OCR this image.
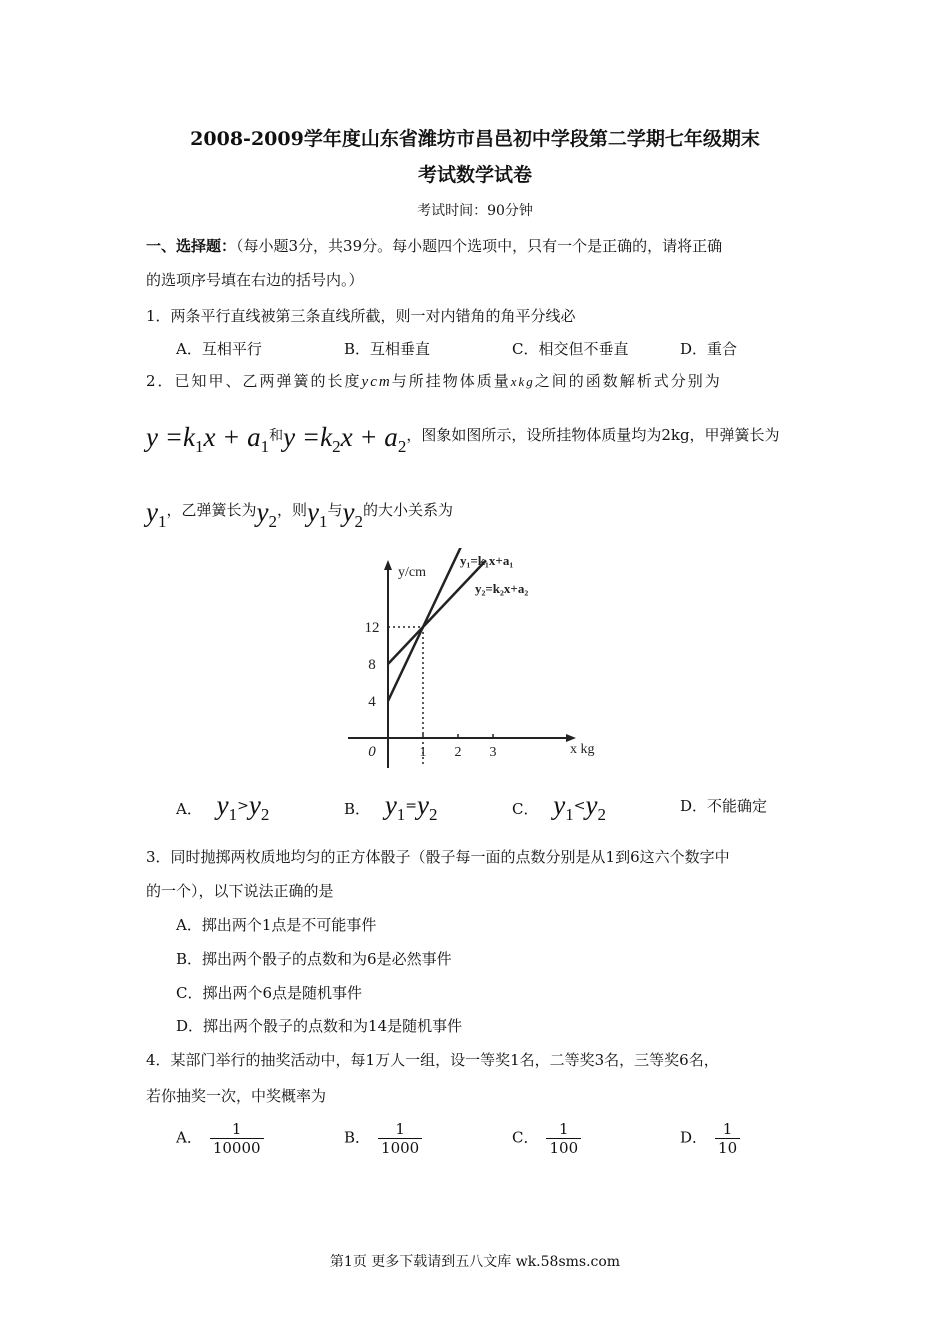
2008-2009学年度山东省潍坊市昌邑初中学段第二学期七年级期末
考试数学试卷
考试时间：90分钟
一、选择题：（每小题3分，共39分。每小题四个选项中，只有一个是正确的，请将正确
的选项序号填在右边的括号内。）
1．两条平行直线被第三条直线所截，则一对内错角的角平分线必
A．互相平行	B．互相垂直	C．相交但不垂直	D．重合
2．已知甲、乙两弹簧的长度ycm与所挂物体质量xkg之间的函数解析式分别为
$y =k_1x + a_1$和$y =k_2x + a_2$，图象如图所示，设所挂物体质量均为2kg，甲弹簧长为
$y_1$，乙弹簧长为$y_2$，则$y_1$与$y_2$的大小关系为
1 2 3
4
8
12
0
y/cm
x kg
y₁=k₁x+a₁
y₂=k₂x+a₂
A． $y_1>y_2$	B． $y_1=y_2$	C． $y_1<y_2$	D．不能确定
3．同时抛掷两枚质地均匀的正方体骰子（骰子每一面的点数分别是从1到6这六个数字中
的一个），以下说法正确的是
A．掷出两个1点是不可能事件
B．掷出两个骰子的点数和为6是必然事件
C．掷出两个6点是随机事件
D．掷出两个骰子的点数和为14是随机事件
4．某部门举行的抽奖活动中，每1万人一组，设一等奖1名，二等奖3名，三等奖6名，
若你抽奖一次，中奖概率为
A． $\frac{1}{10000}$	B． $\frac{1}{1000}$	C． $\frac{1}{100}$	D． $\frac{1}{10}$
第1页 更多下载请到五八文库 wk.58sms.com
